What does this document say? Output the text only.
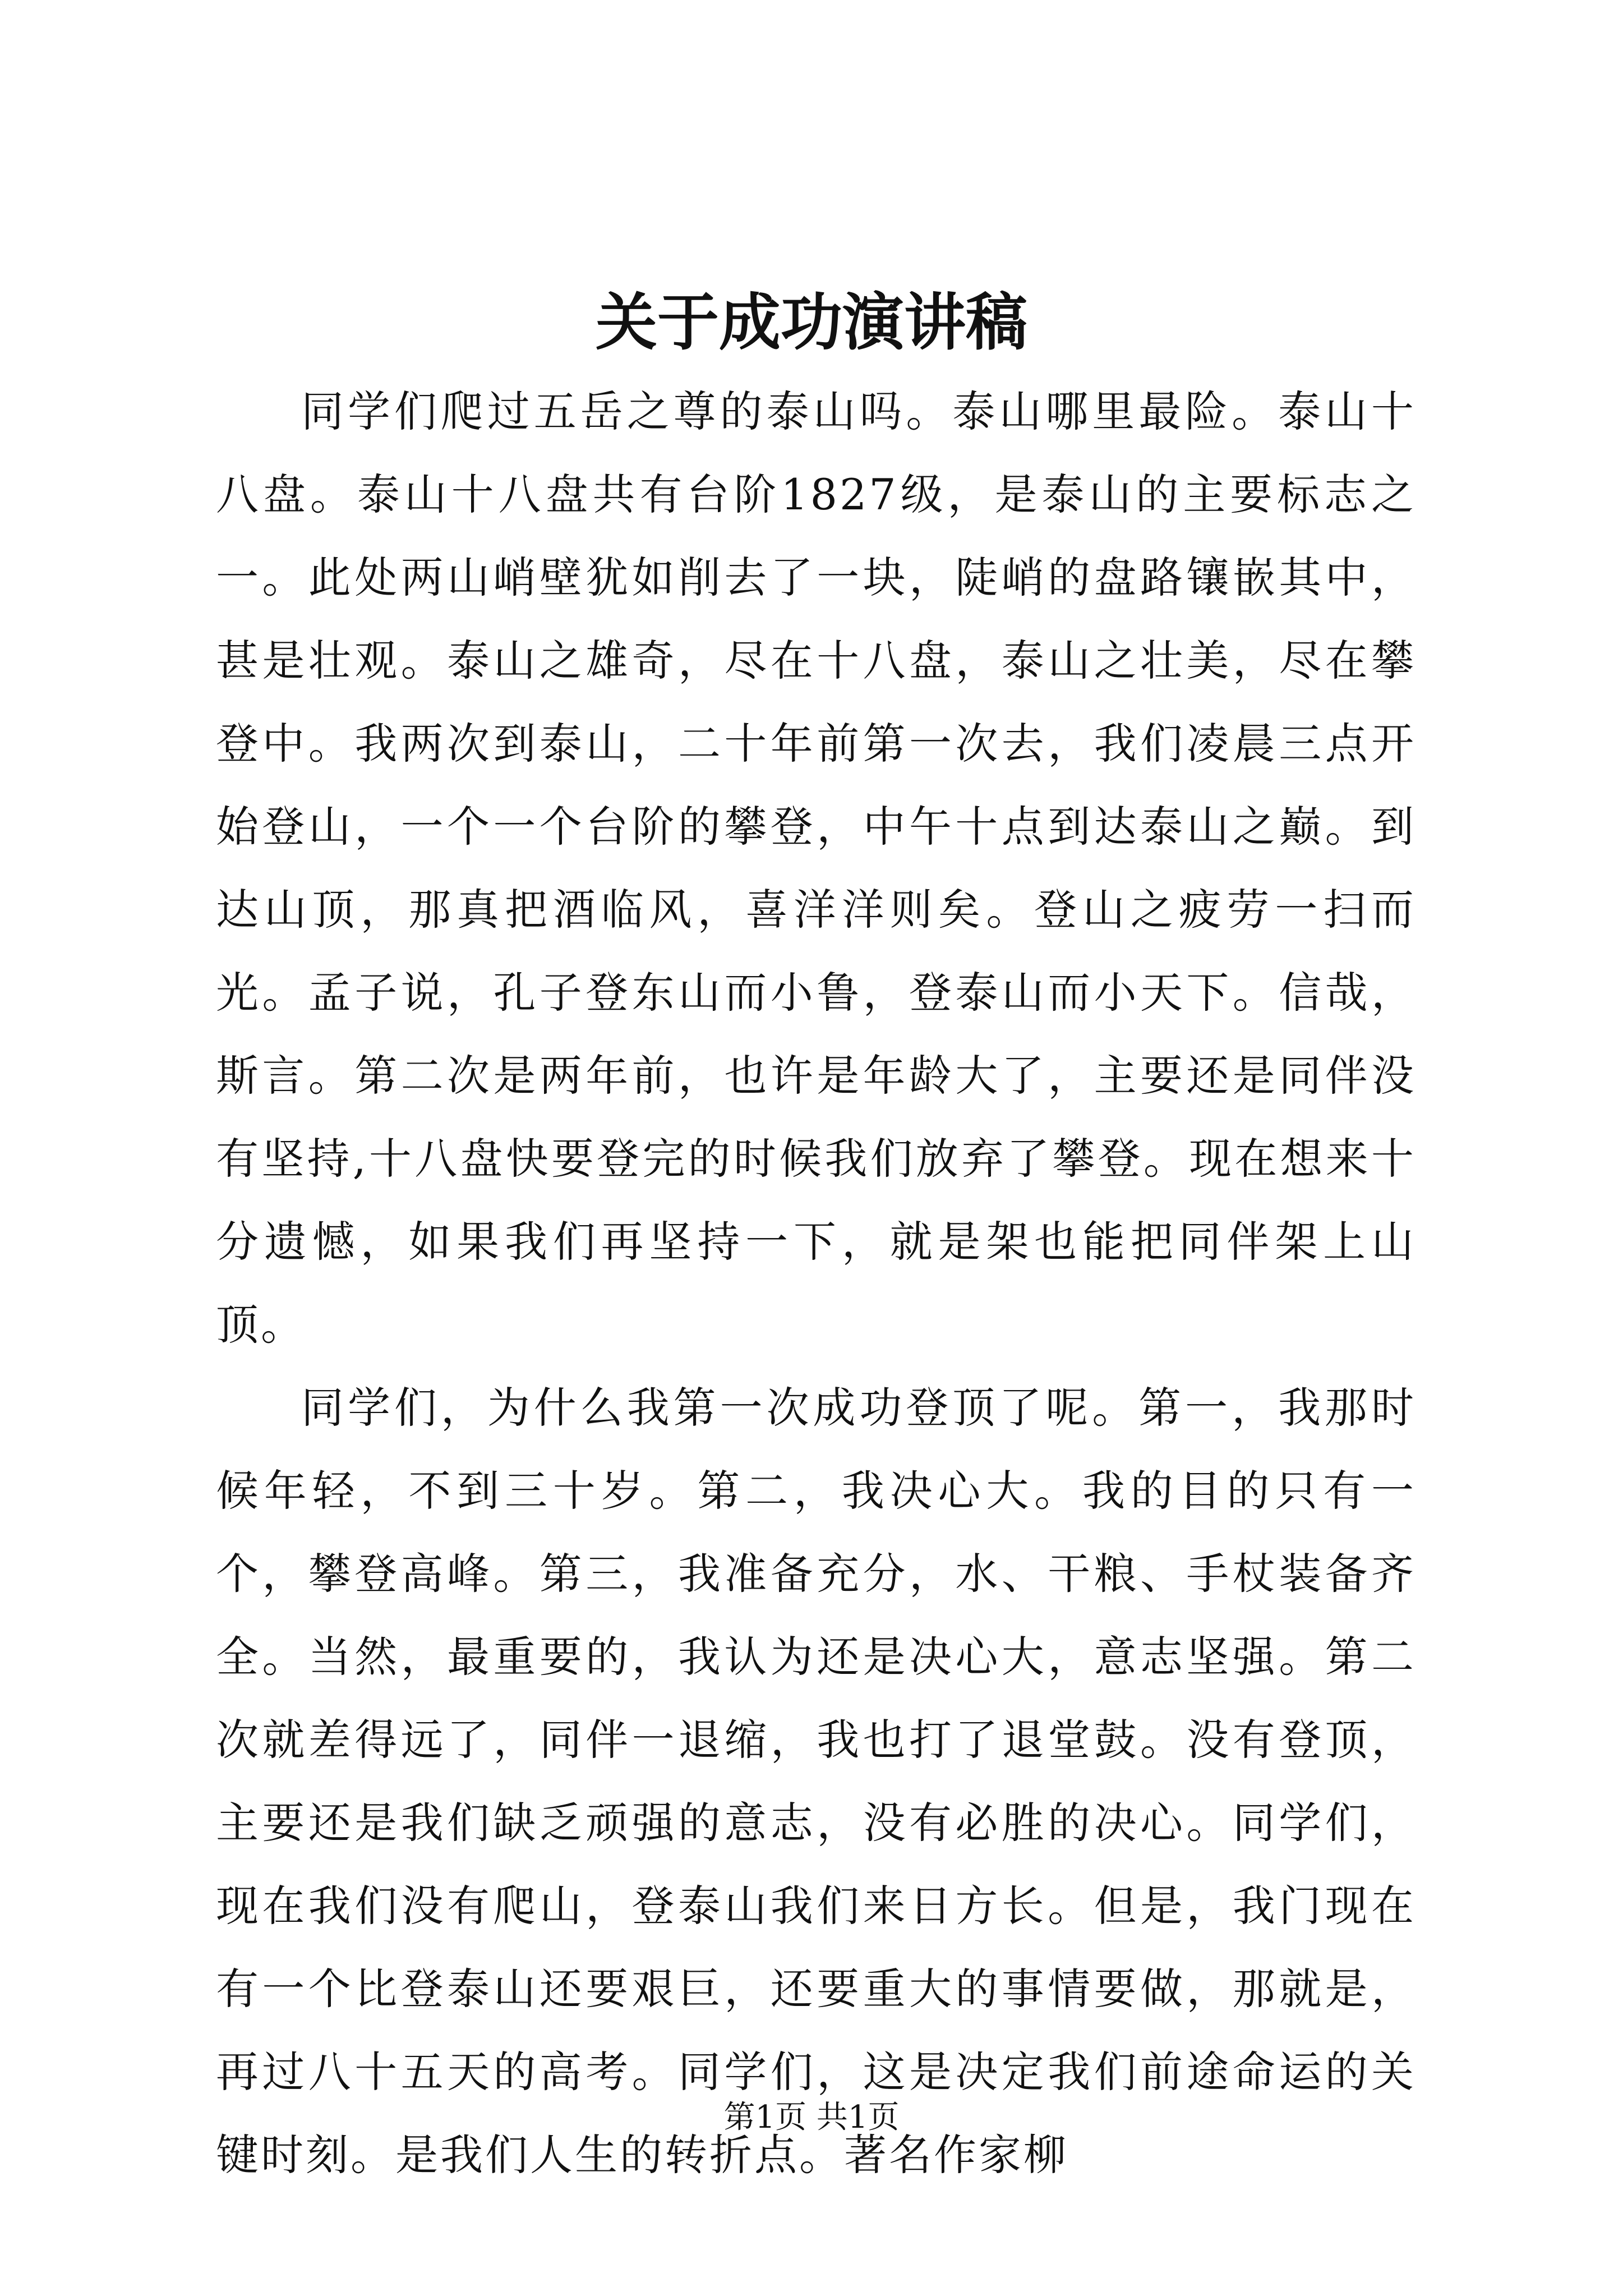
关于成功演讲稿

同学们爬过五岳之尊的泰山吗。泰山哪里最险。泰山十八盘。泰山十八盘共有台阶1827级，是泰山的主要标志之一。此处两山峭壁犹如削去了一块，陡峭的盘路镶嵌其中，甚是壮观。泰山之雄奇，尽在十八盘，泰山之壮美，尽在攀登中。我两次到泰山，二十年前第一次去，我们凌晨三点开始登山，一个一个台阶的攀登，中午十点到达泰山之巅。到达山顶，那真把酒临风，喜洋洋则矣。登山之疲劳一扫而光。孟子说，孔子登东山而小鲁，登泰山而小天下。信哉，斯言。第二次是两年前，也许是年龄大了，主要还是同伴没有坚持,十八盘快要登完的时候我们放弃了攀登。现在想来十分遗憾，如果我们再坚持一下，就是架也能把同伴架上山顶。

同学们，为什么我第一次成功登顶了呢。第一，我那时候年轻，不到三十岁。第二，我决心大。我的目的只有一个，攀登高峰。第三，我准备充分，水、干粮、手杖装备齐全。当然，最重要的，我认为还是决心大，意志坚强。第二次就差得远了，同伴一退缩，我也打了退堂鼓。没有登顶，主要还是我们缺乏顽强的意志，没有必胜的决心。同学们，现在我们没有爬山，登泰山我们来日方长。但是，我门现在有一个比登泰山还要艰巨，还要重大的事情要做，那就是，再过八十五天的高考。同学们，这是决定我们前途命运的关键时刻。是我们人生的转折点。著名作家柳

第1页 共1页
